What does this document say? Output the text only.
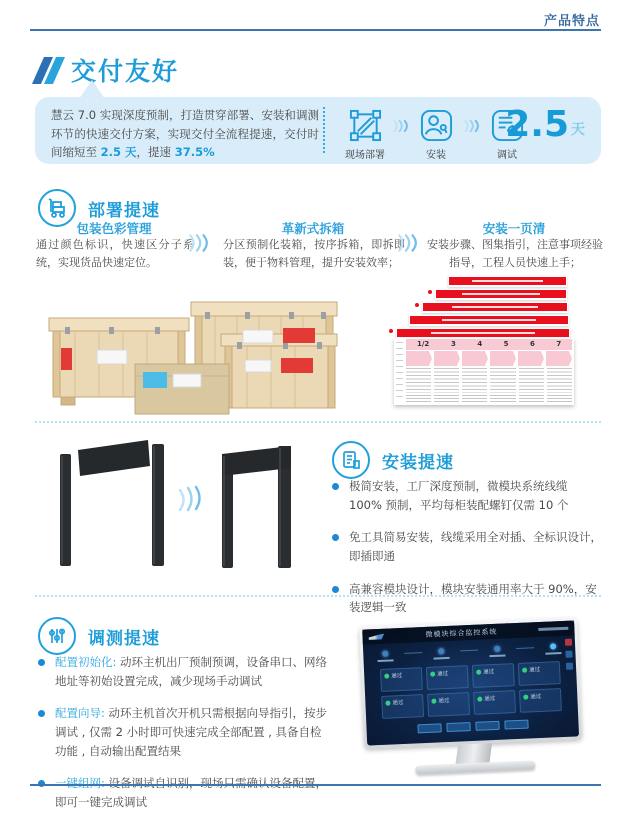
产品特点
交付友好
慧云 7.0 实现深度预制，打造贯穿部署、安装和调测环节的快速交付方案，实现交付全流程提速，交付时间缩短至 2.5 天，提速 37.5%	现场部署	安装	调试
2.5 天
部署提速
包装色彩管理
通过颜色标识，快速区分子系统，实现货品快速定位。
革新式拆箱
分区预制化装箱，按序拆箱，即拆即装，便于物料管理，提升安装效率；
安装一页清
安装步骤、图集指引，注意事项经验指导，工程人员快速上手；
1/2	3	4	5	6	7
安装提速
极简安装，工厂深度预制，微模块系统线缆 100% 预制，平均每柜装配螺钉仅需 10 个
免工具简易安装，线缆采用全对插、全标识设计，即插即通
高兼容模块设计，模块安装通用率大于 90%，安装逻辑一致
调测提速
配置初始化: 动环主机出厂预制预调，设备串口、网络地址等初始设置完成，减少现场手动调试
配置向导: 动环主机首次开机只需根据向导指引，按步调试 , 仅需 2 小时即可快速完成全部配置 , 具备自检功能 , 自动输出配置结果
即可一键完成调试
微模块综合监控系统
通过	通过	通过	通过
通过	通过	通过	通过
